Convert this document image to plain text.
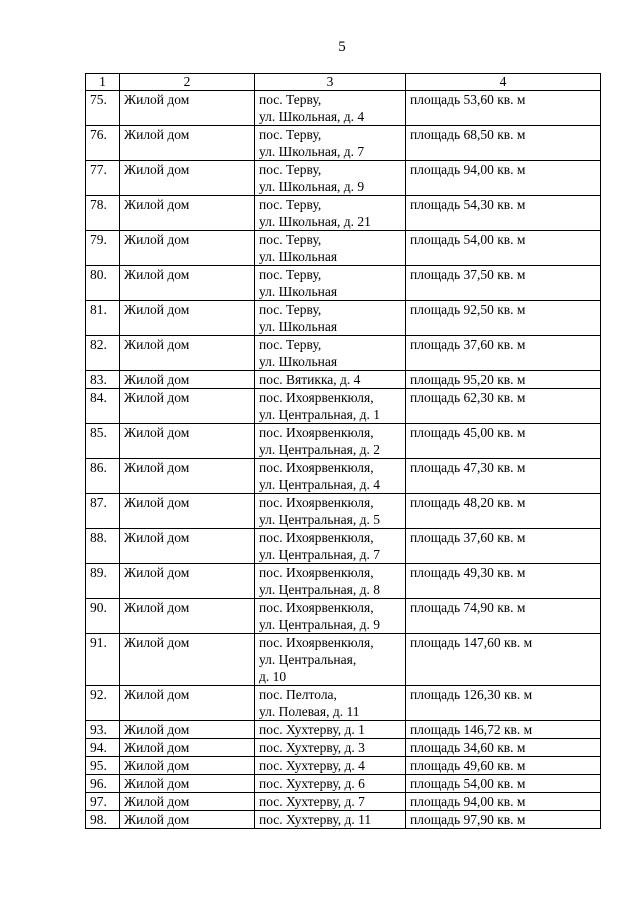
5
1	2	3	4
75.	Жилой дом	пос. Терву,
ул. Школьная, д. 4	площадь 53,60 кв. м
76.	Жилой дом	пос. Терву,
ул. Школьная, д. 7	площадь 68,50 кв. м
77.	Жилой дом	пос. Терву,
ул. Школьная, д. 9	площадь 94,00 кв. м
78.	Жилой дом	пос. Терву,
ул. Школьная, д. 21	площадь 54,30 кв. м
79.	Жилой дом	пос. Терву,
ул. Школьная	площадь 54,00 кв. м
80.	Жилой дом	пос. Терву,
ул. Школьная	площадь 37,50 кв. м
81.	Жилой дом	пос. Терву,
ул. Школьная	площадь 92,50 кв. м
82.	Жилой дом	пос. Терву,
ул. Школьная	площадь 37,60 кв. м
83.	Жилой дом	пос. Вятикка, д. 4	площадь 95,20 кв. м
84.	Жилой дом	пос. Ихоярвенкюля,
ул. Центральная, д. 1	площадь 62,30 кв. м
85.	Жилой дом	пос. Ихоярвенкюля,
ул. Центральная, д. 2	площадь 45,00 кв. м
86.	Жилой дом	пос. Ихоярвенкюля,
ул. Центральная, д. 4	площадь 47,30 кв. м
87.	Жилой дом	пос. Ихоярвенкюля,
ул. Центральная, д. 5	площадь 48,20 кв. м
88.	Жилой дом	пос. Ихоярвенкюля,
ул. Центральная, д. 7	площадь 37,60 кв. м
89.	Жилой дом	пос. Ихоярвенкюля,
ул. Центральная, д. 8	площадь 49,30 кв. м
90.	Жилой дом	пос. Ихоярвенкюля,
ул. Центральная, д. 9	площадь 74,90 кв. м
91.	Жилой дом	пос. Ихоярвенкюля,
ул. Центральная,
д. 10	площадь 147,60 кв. м
92.	Жилой дом	пос. Пелтола,
ул. Полевая, д. 11	площадь 126,30 кв. м
93.	Жилой дом	пос. Хухтерву, д. 1	площадь 146,72 кв. м
94.	Жилой дом	пос. Хухтерву, д. 3	площадь 34,60 кв. м
95.	Жилой дом	пос. Хухтерву, д. 4	площадь 49,60 кв. м
96.	Жилой дом	пос. Хухтерву, д. 6	площадь 54,00 кв. м
97.	Жилой дом	пос. Хухтерву, д. 7	площадь 94,00 кв. м
98.	Жилой дом	пос. Хухтерву, д. 11	площадь 97,90 кв. м
